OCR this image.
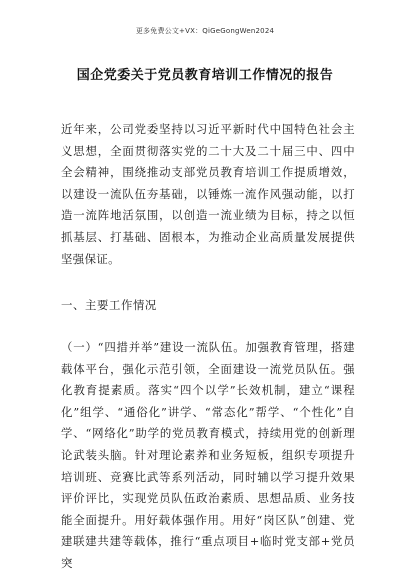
更多免费公文+VX：QiGeGongWen2024
国企党委关于党员教育培训工作情况的报告
近年来，公司党委坚持以习近平新时代中国特色社会主义思想，全面贯彻落实党的二十大及二十届三中、四中全会精神，围绕推动支部党员教育培训工作提质增效，以建设一流队伍夯基础，以锤炼一流作风强动能，以打造一流阵地活氛围，以创造一流业绩为目标，持之以恒抓基层、打基础、固根本，为推动企业高质量发展提供坚强保证。
一、主要工作情况
（一）“四措并举”建设一流队伍。加强教育管理，搭建载体平台，强化示范引领，全面建设一流党员队伍。强化教育提素质。落实“四个以学”长效机制，建立“课程化”组学、“通俗化”讲学、“常态化”帮学、“个性化”自学、“网络化”助学的党员教育模式，持续用党的创新理论武装头脑。针对理论素养和业务短板，组织专项提升培训班、竞赛比武等系列活动，同时辅以学习提升效果评价评比，实现党员队伍政治素质、思想品质、业务技能全面提升。用好载体强作用。用好“岗区队”创建、党建联建共建等载体，推行“重点项目+临时党支部+党员突
